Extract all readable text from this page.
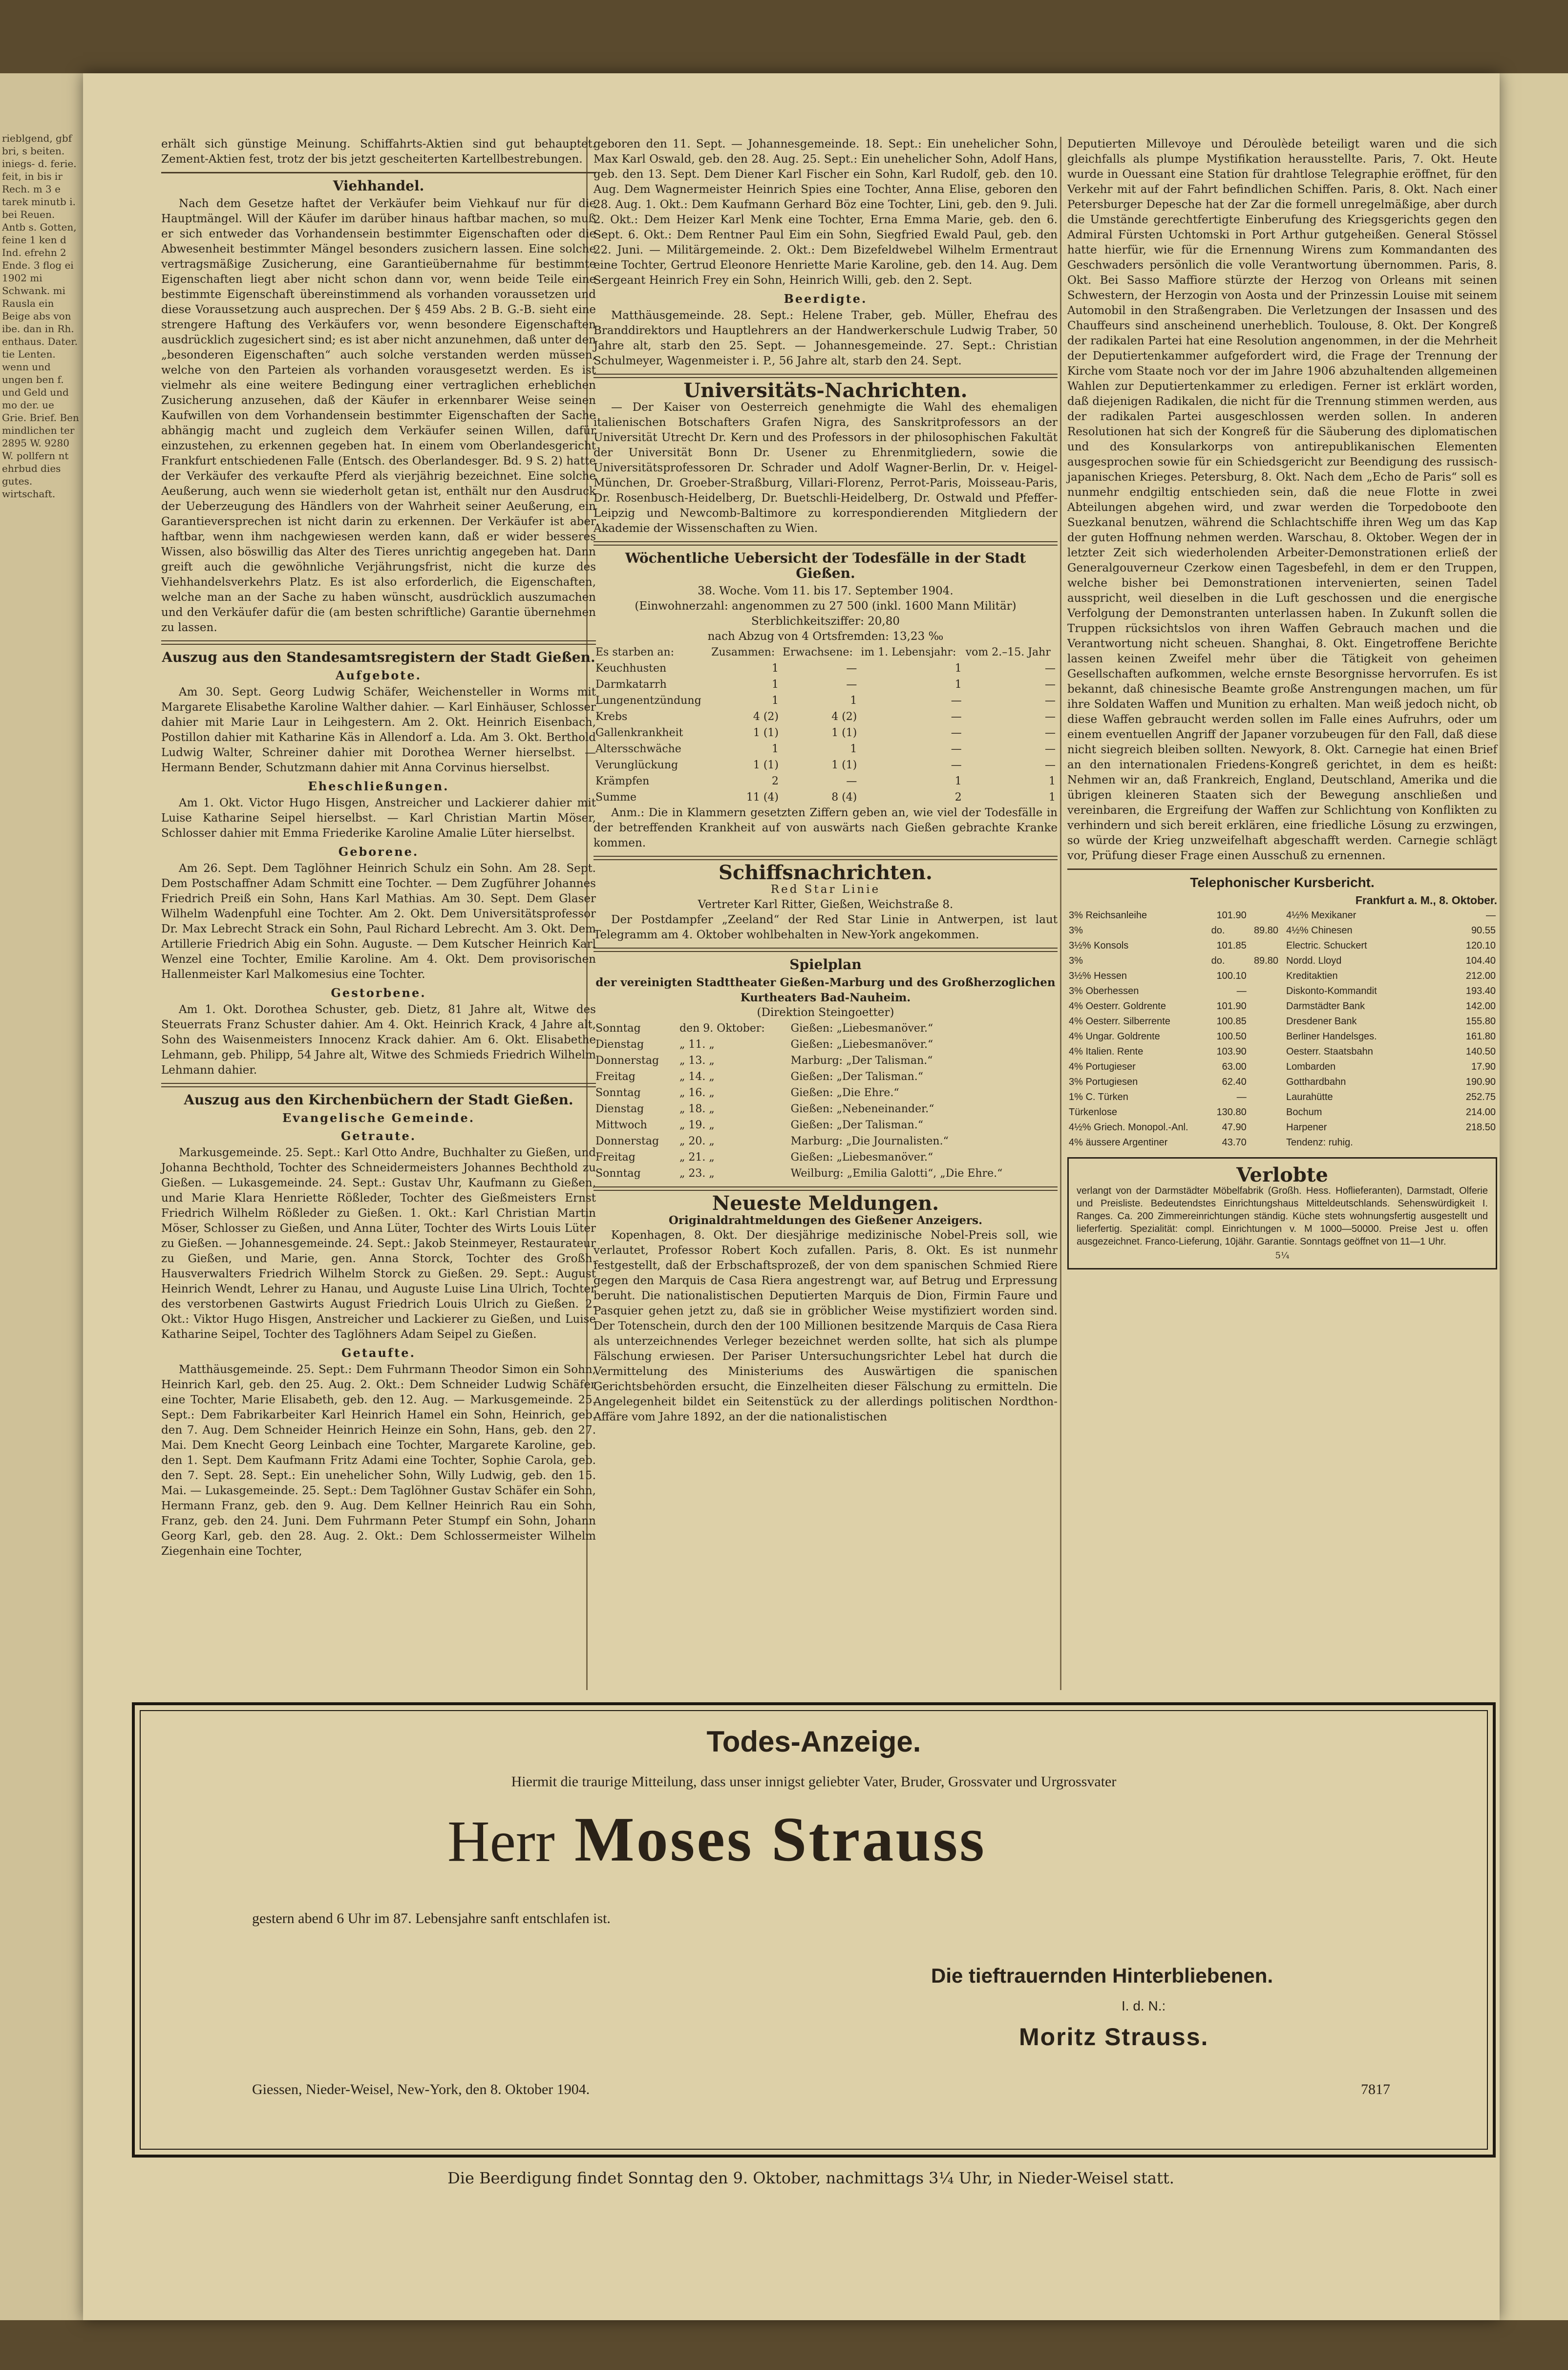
rieblgend, gbf bri, s beiten. iniegs- d. ferie. feit, in bis ir Rech. m 3 e tarek minutb i. bei Reuen. Antb s. Gotten, feine 1 ken d Ind. efrehn 2 Ende. 3 flog ei 1902 mi Schwank. mi Rausla ein Beige abs von ibe. dan in Rh. enthaus. Dater. tie Lenten. wenn und ungen ben f. und Geld und mo der. ue Grie. Brief. Ben mindlichen ter 2895 W. 9280 W. pollfern nt ehrbud dies gutes. wirtschaft.

erhält sich günstige Meinung. Schiffahrts-Aktien sind gut behauptet. Zement-Aktien fest, trotz der bis jetzt gescheiterten Kartellbestrebungen.

Viehhandel.

Nach dem Gesetze haftet der Verkäufer beim Viehkauf nur für die Hauptmängel. Will der Käufer im darüber hinaus haftbar machen, so muß er sich entweder das Vorhandensein bestimmter Eigenschaften oder die Abwesenheit bestimmter Mängel besonders zusichern lassen. Eine solche vertragsmäßige Zusicherung, eine Garantieübernahme für bestimmte Eigenschaften liegt aber nicht schon dann vor, wenn beide Teile eine bestimmte Eigenschaft übereinstimmend als vorhanden voraussetzen und diese Voraussetzung auch ausprechen. Der § 459 Abs. 2 B. G.-B. sieht eine strengere Haftung des Verkäufers vor, wenn besondere Eigenschaften ausdrücklich zugesichert sind; es ist aber nicht anzunehmen, daß unter den „besonderen Eigenschaften“ auch solche verstanden werden müssen, welche von den Parteien als vorhanden vorausgesetzt werden. Es ist vielmehr als eine weitere Bedingung einer vertraglichen erheblichen Zusicherung anzusehen, daß der Käufer in erkennbarer Weise seinen Kaufwillen von dem Vorhandensein bestimmter Eigenschaften der Sache abhängig macht und zugleich dem Verkäufer seinen Willen, dafür einzustehen, zu erkennen gegeben hat. In einem vom Oberlandesgericht Frankfurt entschiedenen Falle (Entsch. des Oberlandesger. Bd. 9 S. 2) hatte der Verkäufer des verkaufte Pferd als vierjährig bezeichnet. Eine solche Aeußerung, auch wenn sie wiederholt getan ist, enthält nur den Ausdruck der Ueberzeugung des Händlers von der Wahrheit seiner Aeußerung, ein Garantieversprechen ist nicht darin zu erkennen. Der Verkäufer ist aber haftbar, wenn ihm nachgewiesen werden kann, daß er wider besseres Wissen, also böswillig das Alter des Tieres unrichtig angegeben hat. Dann greift auch die gewöhnliche Verjährungsfrist, nicht die kurze des Viehhandelsverkehrs Platz. Es ist also erforderlich, die Eigenschaften, welche man an der Sache zu haben wünscht, ausdrücklich auszumachen und den Verkäufer dafür die (am besten schriftliche) Garantie übernehmen zu lassen.

Auszug aus den Standesamtsregistern der Stadt Gießen.
Aufgebote.

Am 30. Sept. Georg Ludwig Schäfer, Weichensteller in Worms mit Margarete Elisabethe Karoline Walther dahier. — Karl Einhäuser, Schlosser dahier mit Marie Laur in Leihgestern. Am 2. Okt. Heinrich Eisenbach, Postillon dahier mit Katharine Käs in Allendorf a. Lda. Am 3. Okt. Berthold Ludwig Walter, Schreiner dahier mit Dorothea Werner hierselbst. — Hermann Bender, Schutzmann dahier mit Anna Corvinus hierselbst.

Eheschließungen.

Am 1. Okt. Victor Hugo Hisgen, Anstreicher und Lackierer dahier mit Luise Katharine Seipel hierselbst. — Karl Christian Martin Möser, Schlosser dahier mit Emma Friederike Karoline Amalie Lüter hierselbst.

Geborene.

Am 26. Sept. Dem Taglöhner Heinrich Schulz ein Sohn. Am 28. Sept. Dem Postschaffner Adam Schmitt eine Tochter. — Dem Zugführer Johannes Friedrich Preiß ein Sohn, Hans Karl Mathias. Am 30. Sept. Dem Glaser Wilhelm Wadenpfuhl eine Tochter. Am 2. Okt. Dem Universitätsprofessor Dr. Max Lebrecht Strack ein Sohn, Paul Richard Lebrecht. Am 3. Okt. Dem Artillerie Friedrich Abig ein Sohn. Auguste. — Dem Kutscher Heinrich Karl Wenzel eine Tochter, Emilie Karoline. Am 4. Okt. Dem provisorischen Hallenmeister Karl Malkomesius eine Tochter.

Gestorbene.

Am 1. Okt. Dorothea Schuster, geb. Dietz, 81 Jahre alt, Witwe des Steuerrats Franz Schuster dahier. Am 4. Okt. Heinrich Krack, 4 Jahre alt, Sohn des Waisenmeisters Innocenz Krack dahier. Am 6. Okt. Elisabethe Lehmann, geb. Philipp, 54 Jahre alt, Witwe des Schmieds Friedrich Wilhelm Lehmann dahier.

Auszug aus den Kirchenbüchern der Stadt Gießen.
Evangelische Gemeinde.
Getraute.

Markusgemeinde. 25. Sept.: Karl Otto Andre, Buchhalter zu Gießen, und Johanna Bechthold, Tochter des Schneidermeisters Johannes Bechthold zu Gießen. — Lukasgemeinde. 24. Sept.: Gustav Uhr, Kaufmann zu Gießen, und Marie Klara Henriette Rößleder, Tochter des Gießmeisters Ernst Friedrich Wilhelm Rößleder zu Gießen. 1. Okt.: Karl Christian Martin Möser, Schlosser zu Gießen, und Anna Lüter, Tochter des Wirts Louis Lüter zu Gießen. — Johannesgemeinde. 24. Sept.: Jakob Steinmeyer, Restaurateur zu Gießen, und Marie, gen. Anna Storck, Tochter des Großh. Hausverwalters Friedrich Wilhelm Storck zu Gießen. 29. Sept.: August Heinrich Wendt, Lehrer zu Hanau, und Auguste Luise Lina Ulrich, Tochter des verstorbenen Gastwirts August Friedrich Louis Ulrich zu Gießen. 2. Okt.: Viktor Hugo Hisgen, Anstreicher und Lackierer zu Gießen, und Luise Katharine Seipel, Tochter des Taglöhners Adam Seipel zu Gießen.

Getaufte.

Matthäusgemeinde. 25. Sept.: Dem Fuhrmann Theodor Simon ein Sohn, Heinrich Karl, geb. den 25. Aug. 2. Okt.: Dem Schneider Ludwig Schäfer eine Tochter, Marie Elisabeth, geb. den 12. Aug. — Markusgemeinde. 25. Sept.: Dem Fabrikarbeiter Karl Heinrich Hamel ein Sohn, Heinrich, geb. den 7. Aug. Dem Schneider Heinrich Heinze ein Sohn, Hans, geb. den 27. Mai. Dem Knecht Georg Leinbach eine Tochter, Margarete Karoline, geb. den 1. Sept. Dem Kaufmann Fritz Adami eine Tochter, Sophie Carola, geb. den 7. Sept. 28. Sept.: Ein unehelicher Sohn, Willy Ludwig, geb. den 15. Mai. — Lukasgemeinde. 25. Sept.: Dem Taglöhner Gustav Schäfer ein Sohn, Hermann Franz, geb. den 9. Aug. Dem Kellner Heinrich Rau ein Sohn, Franz, geb. den 24. Juni. Dem Fuhrmann Peter Stumpf ein Sohn, Johann Georg Karl, geb. den 28. Aug. 2. Okt.: Dem Schlossermeister Wilhelm Ziegenhain eine Tochter,

geboren den 11. Sept. — Johannesgemeinde. 18. Sept.: Ein unehelicher Sohn, Max Karl Oswald, geb. den 28. Aug. 25. Sept.: Ein unehelicher Sohn, Adolf Hans, geb. den 13. Sept. Dem Diener Karl Fischer ein Sohn, Karl Rudolf, geb. den 10. Aug. Dem Wagnermeister Heinrich Spies eine Tochter, Anna Elise, geboren den 28. Aug. 1. Okt.: Dem Kaufmann Gerhard Böz eine Tochter, Lini, geb. den 9. Juli. 2. Okt.: Dem Heizer Karl Menk eine Tochter, Erna Emma Marie, geb. den 6. Sept. 6. Okt.: Dem Rentner Paul Eim ein Sohn, Siegfried Ewald Paul, geb. den 22. Juni. — Militärgemeinde. 2. Okt.: Dem Bizefeldwebel Wilhelm Ermentraut eine Tochter, Gertrud Eleonore Henriette Marie Karoline, geb. den 14. Aug. Dem Sergeant Heinrich Frey ein Sohn, Heinrich Willi, geb. den 2. Sept.

Beerdigte.

Matthäusgemeinde. 28. Sept.: Helene Traber, geb. Müller, Ehefrau des Branddirektors und Hauptlehrers an der Handwerkerschule Ludwig Traber, 50 Jahre alt, starb den 25. Sept. — Johannesgemeinde. 27. Sept.: Christian Schulmeyer, Wagenmeister i. P., 56 Jahre alt, starb den 24. Sept.

Universitäts-Nachrichten.

— Der Kaiser von Oesterreich genehmigte die Wahl des ehemaligen italienischen Botschafters Grafen Nigra, des Sanskritprofessors an der Universität Utrecht Dr. Kern und des Professors in der philosophischen Fakultät der Universität Bonn Dr. Usener zu Ehrenmitgliedern, sowie die Universitätsprofessoren Dr. Schrader und Adolf Wagner-Berlin, Dr. v. Heigel-München, Dr. Groeber-Straßburg, Villari-Florenz, Perrot-Paris, Moisseau-Paris, Dr. Rosenbusch-Heidelberg, Dr. Buetschli-Heidelberg, Dr. Ostwald und Pfeffer-Leipzig und Newcomb-Baltimore zu korrespondierenden Mitgliedern der Akademie der Wissenschaften zu Wien.

Wöchentliche Uebersicht der Todesfälle in der Stadt Gießen.
38. Woche. Vom 11. bis 17. September 1904.
(Einwohnerzahl: angenommen zu 27 500 (inkl. 1600 Mann Militär)
Sterblichkeitsziffer: 20,80
nach Abzug von 4 Ortsfremden: 13,23 ‰
Es starben an:	Zusammen:	Erwachsene:	im 1. Lebensjahr:	vom 2.–15. Jahr
Keuchhusten	1	—	1	—
Darmkatarrh	1	—	1	—
Lungenentzündung	1	1	—	—
Krebs	4 (2)	4 (2)	—	—
Gallenkrankheit	1 (1)	1 (1)	—	—
Altersschwäche	1	1	—	—
Verunglückung	1 (1)	1 (1)	—	—
Krämpfen	2	—	1	1
Summe	11 (4)	8 (4)	2	1

Anm.: Die in Klammern gesetzten Ziffern geben an, wie viel der Todesfälle in der betreffenden Krankheit auf von auswärts nach Gießen gebrachte Kranke kommen.

Schiffsnachrichten.
Red Star Linie
Vertreter Karl Ritter, Gießen, Weichstraße 8.

Der Postdampfer „Zeeland“ der Red Star Linie in Antwerpen, ist laut Telegramm am 4. Oktober wohlbehalten in New-York angekommen.

Spielplan
der vereinigten Stadttheater Gießen-Marburg und des Großherzoglichen Kurtheaters Bad-Nauheim.
(Direktion Steingoetter)
Sonntag	den 9. Oktober:	Gießen: „Liebesmanöver.“
Dienstag	„ 11. „	Gießen: „Liebesmanöver.“
Donnerstag	„ 13. „	Marburg: „Der Talisman.“
Freitag	„ 14. „	Gießen: „Der Talisman.“
Sonntag	„ 16. „	Gießen: „Die Ehre.“
Dienstag	„ 18. „	Gießen: „Nebeneinander.“
Mittwoch	„ 19. „	Gießen: „Der Talisman.“
Donnerstag	„ 20. „	Marburg: „Die Journalisten.“
Freitag	„ 21. „	Gießen: „Liebesmanöver.“
Sonntag	„ 23. „	Weilburg: „Emilia Galotti“, „Die Ehre.“
Neueste Meldungen.
Originaldrahtmeldungen des Gießener Anzeigers.

Kopenhagen, 8. Okt. Der diesjährige medizinische Nobel-Preis soll, wie verlautet, Professor Robert Koch zufallen. Paris, 8. Okt. Es ist nunmehr festgestellt, daß der Erbschaftsprozeß, der von dem spanischen Schmied Riere gegen den Marquis de Casa Riera angestrengt war, auf Betrug und Erpressung beruht. Die nationalistischen Deputierten Marquis de Dion, Firmin Faure und Pasquier gehen jetzt zu, daß sie in gröblicher Weise mystifiziert worden sind. Der Totenschein, durch den der 100 Millionen besitzende Marquis de Casa Riera als unterzeichnendes Verleger bezeichnet werden sollte, hat sich als plumpe Fälschung erwiesen. Der Pariser Untersuchungsrichter Lebel hat durch die Vermittelung des Ministeriums des Auswärtigen die spanischen Gerichtsbehörden ersucht, die Einzelheiten dieser Fälschung zu ermitteln. Die Angelegenheit bildet ein Seitenstück zu der allerdings politischen Nordthon-Affäre vom Jahre 1892, an der die nationalistischen

Deputierten Millevoye und Déroulède beteiligt waren und die sich gleichfalls als plumpe Mystifikation herausstellte. Paris, 7. Okt. Heute wurde in Ouessant eine Station für drahtlose Telegraphie eröffnet, für den Verkehr mit auf der Fahrt befindlichen Schiffen. Paris, 8. Okt. Nach einer Petersburger Depesche hat der Zar die formell unregelmäßige, aber durch die Umstände gerechtfertigte Einberufung des Kriegsgerichts gegen den Admiral Fürsten Uchtomski in Port Arthur gutgeheißen. General Stössel hatte hierfür, wie für die Ernennung Wirens zum Kommandanten des Geschwaders persönlich die volle Verantwortung übernommen. Paris, 8. Okt. Bei Sasso Maffiore stürzte der Herzog von Orleans mit seinen Schwestern, der Herzogin von Aosta und der Prinzessin Louise mit seinem Automobil in den Straßengraben. Die Verletzungen der Insassen und des Chauffeurs sind anscheinend unerheblich. Toulouse, 8. Okt. Der Kongreß der radikalen Partei hat eine Resolution angenommen, in der die Mehrheit der Deputiertenkammer aufgefordert wird, die Frage der Trennung der Kirche vom Staate noch vor der im Jahre 1906 abzuhaltenden allgemeinen Wahlen zur Deputiertenkammer zu erledigen. Ferner ist erklärt worden, daß diejenigen Radikalen, die nicht für die Trennung stimmen werden, aus der radikalen Partei ausgeschlossen werden sollen. In anderen Resolutionen hat sich der Kongreß für die Säuberung des diplomatischen und des Konsularkorps von antirepublikanischen Elementen ausgesprochen sowie für ein Schiedsgericht zur Beendigung des russisch-japanischen Krieges. Petersburg, 8. Okt. Nach dem „Echo de Paris“ soll es nunmehr endgiltig entschieden sein, daß die neue Flotte in zwei Abteilungen abgehen wird, und zwar werden die Torpedoboote den Suezkanal benutzen, während die Schlachtschiffe ihren Weg um das Kap der guten Hoffnung nehmen werden. Warschau, 8. Oktober. Wegen der in letzter Zeit sich wiederholenden Arbeiter-Demonstrationen erließ der Generalgouverneur Czerkow einen Tagesbefehl, in dem er den Truppen, welche bisher bei Demonstrationen intervenierten, seinen Tadel ausspricht, weil dieselben in die Luft geschossen und die energische Verfolgung der Demonstranten unterlassen haben. In Zukunft sollen die Truppen rücksichtslos von ihren Waffen Gebrauch machen und die Verantwortung nicht scheuen. Shanghai, 8. Okt. Eingetroffene Berichte lassen keinen Zweifel mehr über die Tätigkeit von geheimen Gesellschaften aufkommen, welche ernste Besorgnisse hervorrufen. Es ist bekannt, daß chinesische Beamte große Anstrengungen machen, um für ihre Soldaten Waffen und Munition zu erhalten. Man weiß jedoch nicht, ob diese Waffen gebraucht werden sollen im Falle eines Aufruhrs, oder um einem eventuellen Angriff der Japaner vorzubeugen für den Fall, daß diese nicht siegreich bleiben sollten. Newyork, 8. Okt. Carnegie hat einen Brief an den internationalen Friedens-Kongreß gerichtet, in dem es heißt: Nehmen wir an, daß Frankreich, England, Deutschland, Amerika und die übrigen kleineren Staaten sich der Bewegung anschließen und vereinbaren, die Ergreifung der Waffen zur Schlichtung von Konflikten zu verhindern und sich bereit erklären, eine friedliche Lösung zu erzwingen, so würde der Krieg unzweifelhaft abgeschafft werden. Carnegie schlägt vor, Prüfung dieser Frage einen Ausschuß zu ernennen.

Telephonischer Kursbericht.
Frankfurt a. M., 8. Oktober.
3% Reichsanleihe	101.90	
3%	do.	89.80
3½% Konsols	101.85	
3%	do.	89.80
3½% Hessen	100.10	
3% Oberhessen	—	
4% Oesterr. Goldrente	101.90	
4% Oesterr. Silberrente	100.85	
4% Ungar. Goldrente	100.50	
4% Italien. Rente	103.90	
4% Portugieser	63.00	
3% Portugiesen	62.40	
1% C. Türken	—	
Türkenlose	130.80	
4½% Griech. Monopol.-Anl.	47.90	
4% äussere Argentiner	43.70	
4½% Mexikaner	—
4½% Chinesen	90.55
Electric. Schuckert	120.10
Nordd. Lloyd	104.40
Kreditaktien	212.00
Diskonto-Kommandit	193.40
Darmstädter Bank	142.00
Dresdener Bank	155.80
Berliner Handelsges.	161.80
Oesterr. Staatsbahn	140.50
Lombarden	17.90
Gotthardbahn	190.90
Laurahütte	252.75
Bochum	214.00
Harpener	218.50
Tendenz: ruhig.	
Verlobte
verlangt von der Darmstädter Möbelfabrik (Großh. Hess. Hoflieferanten), Darmstadt, Olferie und Preisliste. Bedeutendstes Einrichtungshaus Mitteldeutschlands. Sehenswürdigkeit I. Ranges. Ca. 200 Zimmereinrichtungen ständig. Küche stets wohnungsfertig ausgestellt und lieferfertig. Spezialität: compl. Einrichtungen v. M 1000—50000. Preise Jest u. offen ausgezeichnet. Franco-Lieferung, 10jähr. Garantie. Sonntags geöffnet von 11—1 Uhr.
5¼
Todes-Anzeige.
Hiermit die traurige Mitteilung, dass unser innigst geliebter Vater, Bruder, Grossvater und Urgrossvater
Herr Moses Strauss
gestern abend 6 Uhr im 87. Lebensjahre sanft entschlafen ist.
Die tieftrauernden Hinterbliebenen.
I. d. N.:
Moritz Strauss.
Giessen, Nieder-Weisel, New-York, den 8. Oktober 1904.	7817
Die Beerdigung findet Sonntag den 9. Oktober, nachmittags 3¼ Uhr, in Nieder-Weisel statt.
